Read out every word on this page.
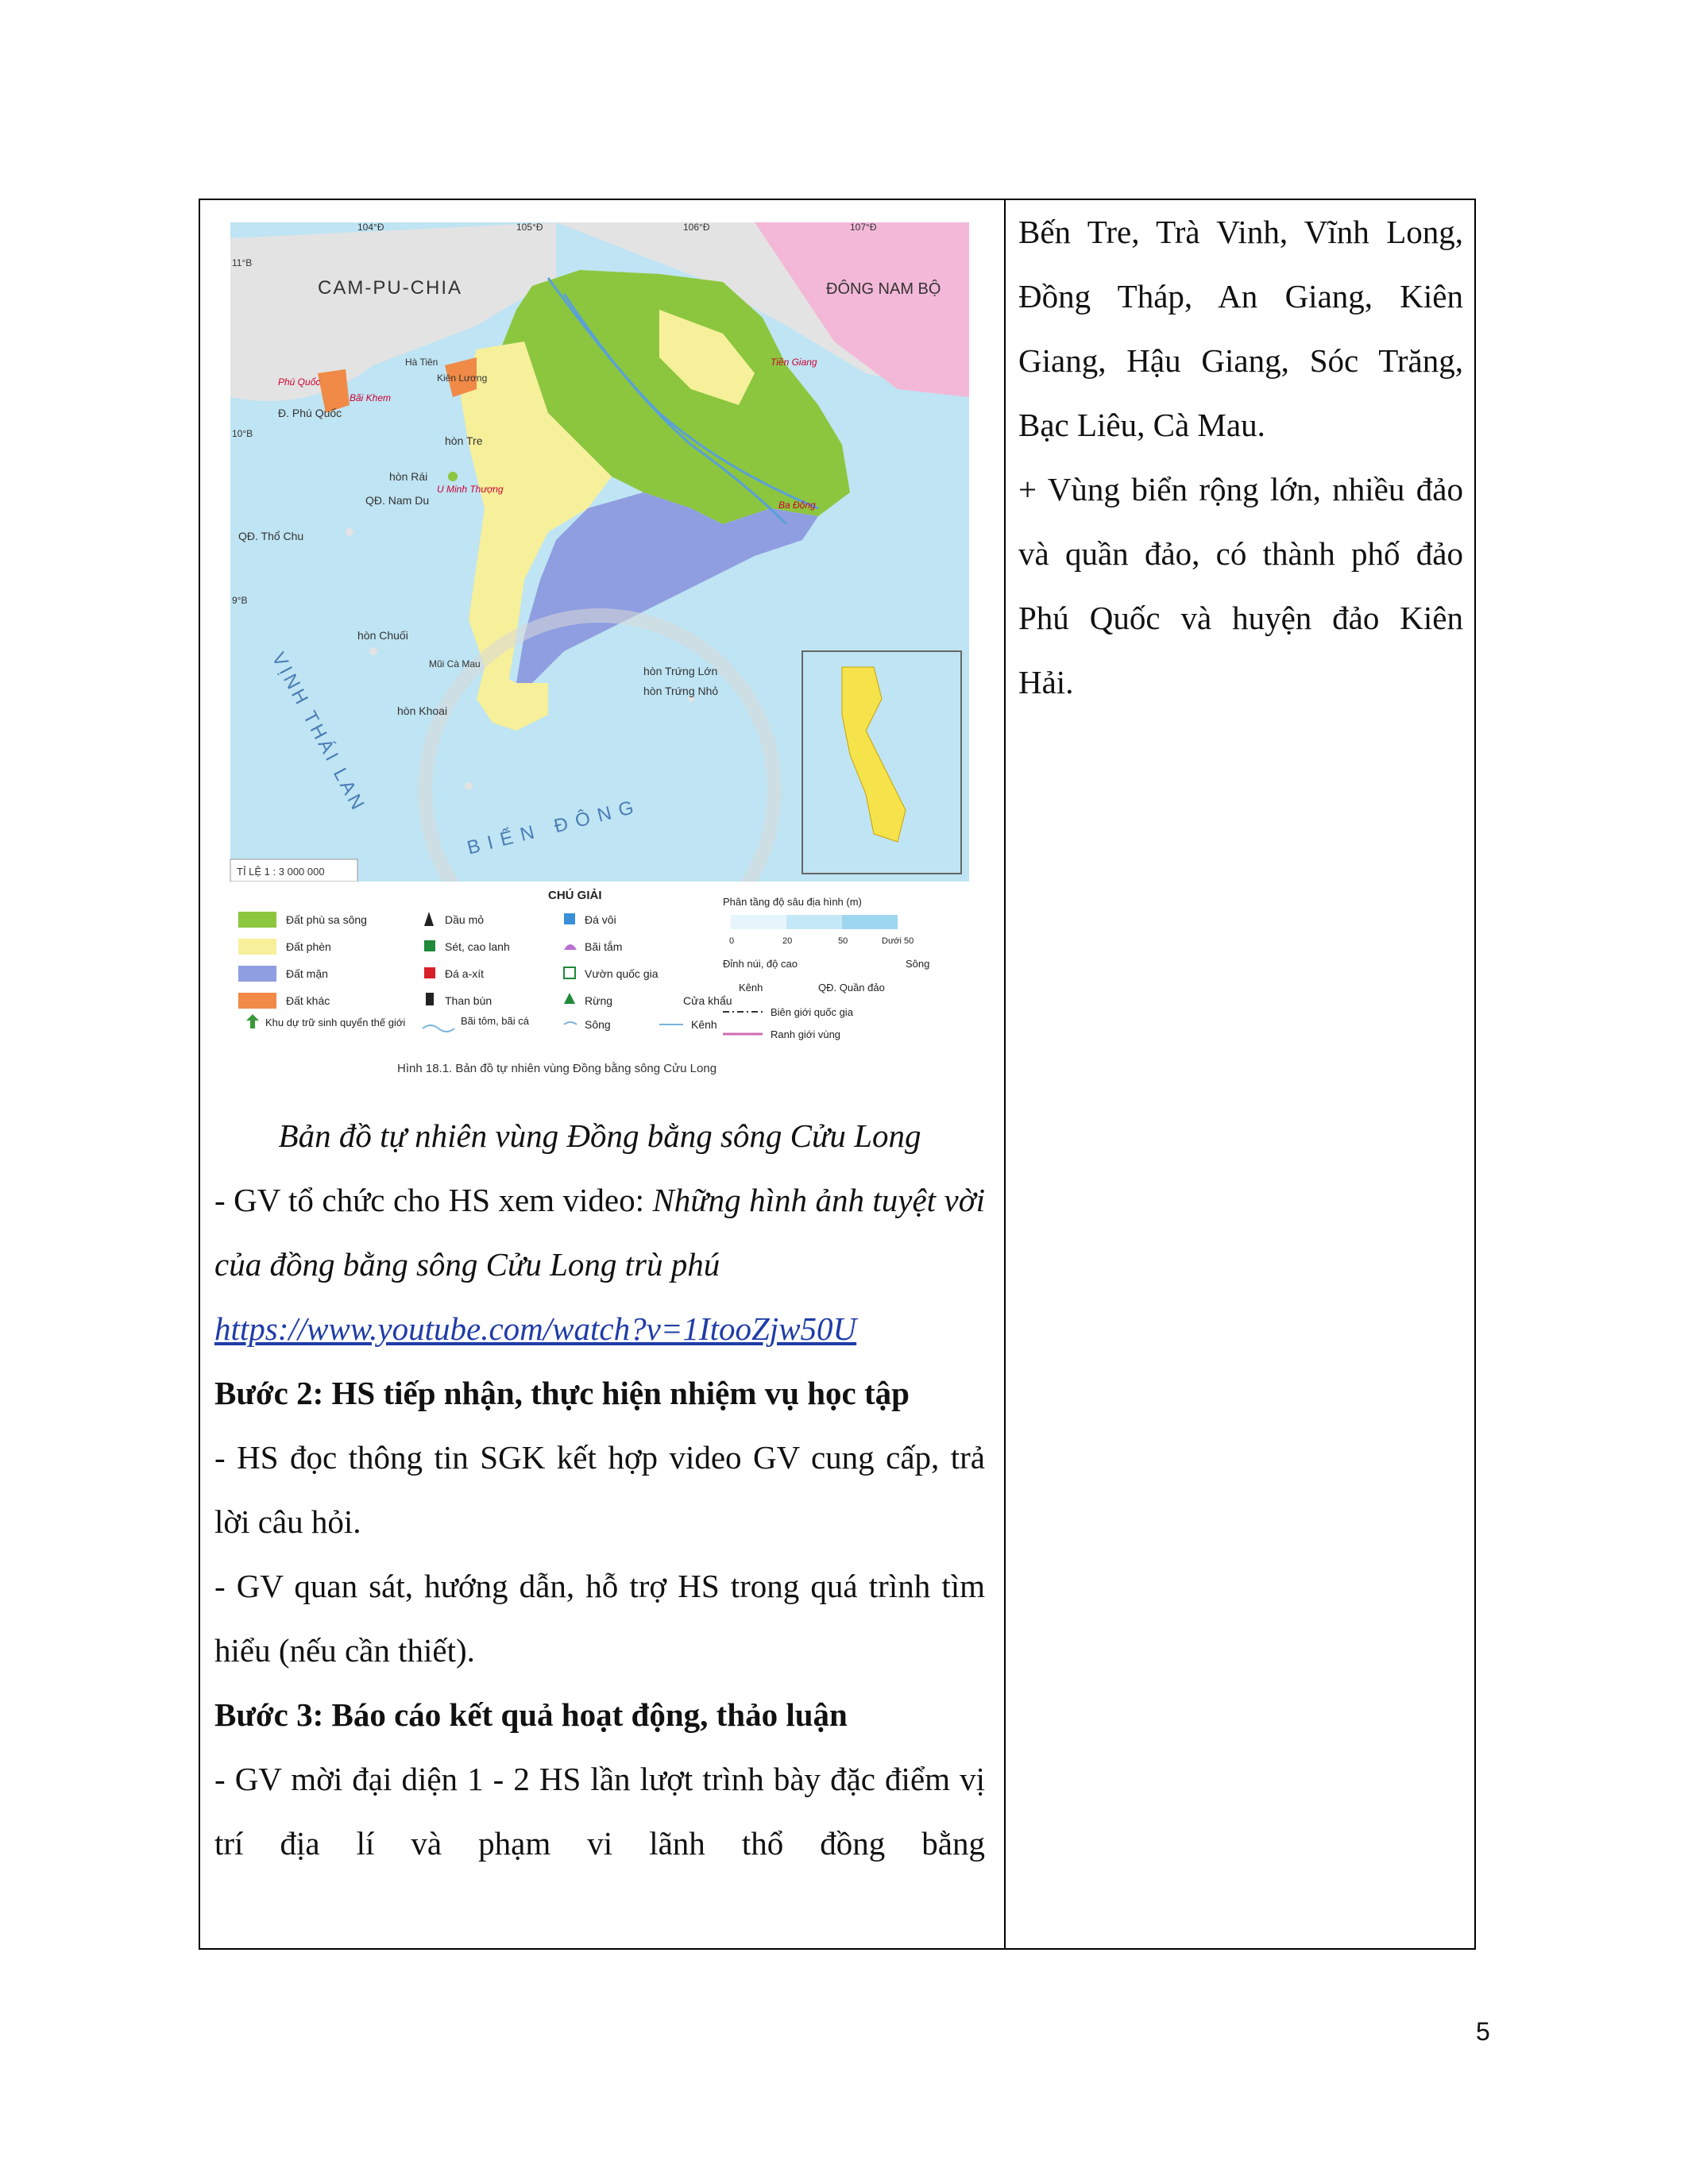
104°Đ	105°Đ	106°Đ	107°Đ
11°B
10°B
9°B
CAM-PU-CHIA	ĐÔNG NAM BỘ
Đ. Phú Quốc
Phú Quốc
Bãi Khem
Hà Tiên
Kiên Lương
hòn Tre
hòn Rái
QĐ. Nam Du
U Minh Thượng
QĐ. Thổ Chu
hòn Chuối
Mũi Cà Mau
hòn Khoai
hòn Trứng Lớn
hòn Trứng Nhỏ
Tiền Giang
Ba Động
VỊNH THÁI LAN
BIỂN ĐÔNG
TỈ LỆ 1 : 3 000 000
CHÚ GIẢI
Đất phù sa sông
Đất phèn
Đất mặn
Đất khác
Khu dự trữ sinh quyển thế giới
Dầu mỏ
Sét, cao lanh
Đá a-xít
Than bùn
Bãi tôm, bãi cá
Đá vôi
Bãi tắm
Vườn quốc gia
Rừng	Cửa khẩu
Sông	Kênh
Phân tầng độ sâu địa hình (m)
0	20	50	Dưới 50
Đỉnh núi, độ cao	Sông
Kênh	QĐ. Quần đảo
Biên giới quốc gia
Ranh giới vùng
Hình 18.1. Bản đồ tự nhiên vùng Đồng bằng sông Cửu Long

Bản đồ tự nhiên vùng Đồng bằng sông Cửu Long

- GV tổ chức cho HS xem video: Những hình ảnh tuyệt vời của đồng bằng sông Cửu Long trù phú
https://www.youtube.com/watch?v=1ItooZjw50U

Bước 2: HS tiếp nhận, thực hiện nhiệm vụ học tập

- HS đọc thông tin SGK kết hợp video GV cung cấp, trả lời câu hỏi.

- GV quan sát, hướng dẫn, hỗ trợ HS trong quá trình tìm hiểu (nếu cần thiết).

Bước 3: Báo cáo kết quả hoạt động, thảo luận

- GV mời đại diện 1 - 2 HS lần lượt trình bày đặc điểm vị trí địa lí và phạm vi lãnh thổ đồng bằng

Bến Tre, Trà Vinh, Vĩnh Long, Đồng Tháp, An Giang, Kiên Giang, Hậu Giang, Sóc Trăng, Bạc Liêu, Cà Mau.

+ Vùng biển rộng lớn, nhiều đảo và quần đảo, có thành phố đảo Phú Quốc và huyện đảo Kiên Hải.

5
